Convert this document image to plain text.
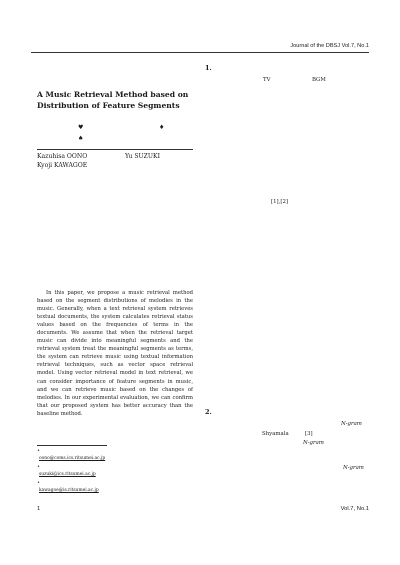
Journal of the DBSJ Vol.7, No.1
A Music Retrieval Method based on Distribution of Feature Segments
♥	♦
♠
Kazuhisa OONO	Yu SUZUKI
Kyoji KAWAGOE
In this paper, we propose a music retrieval method based on the segment distributions of melodies in the music. Generally, when a text retrieval system retrieves textual documents, the system calculates retrieval status values based on the frequencies of terms in the documents. We assume that when the retrieval target music can divide into meaningful segments and the retrieval system treat the meaningful segments as terms, the system can retrieve music using textual information retrieval techniques, such as vector space retrieval model. Using vector retrieval model in text retrieval, we can consider importance of feature segments in music, and we can retrieve music based on the changes of melodies. In our experimental evaluation, we can confirm that our proposed system has better accuracy than the baseline method.
•
oono@coms.ics.ritsumei.ac.jp
•
suzuki@ics.ritsumei.ac.jp
•
kawagoe@is.ritsumei.ac.jp
1	Vol.7, No.1
1.
TV	BGM
[1],[2]
2.
N-gram
Shyamala	[3]
N-gram
N-gram
